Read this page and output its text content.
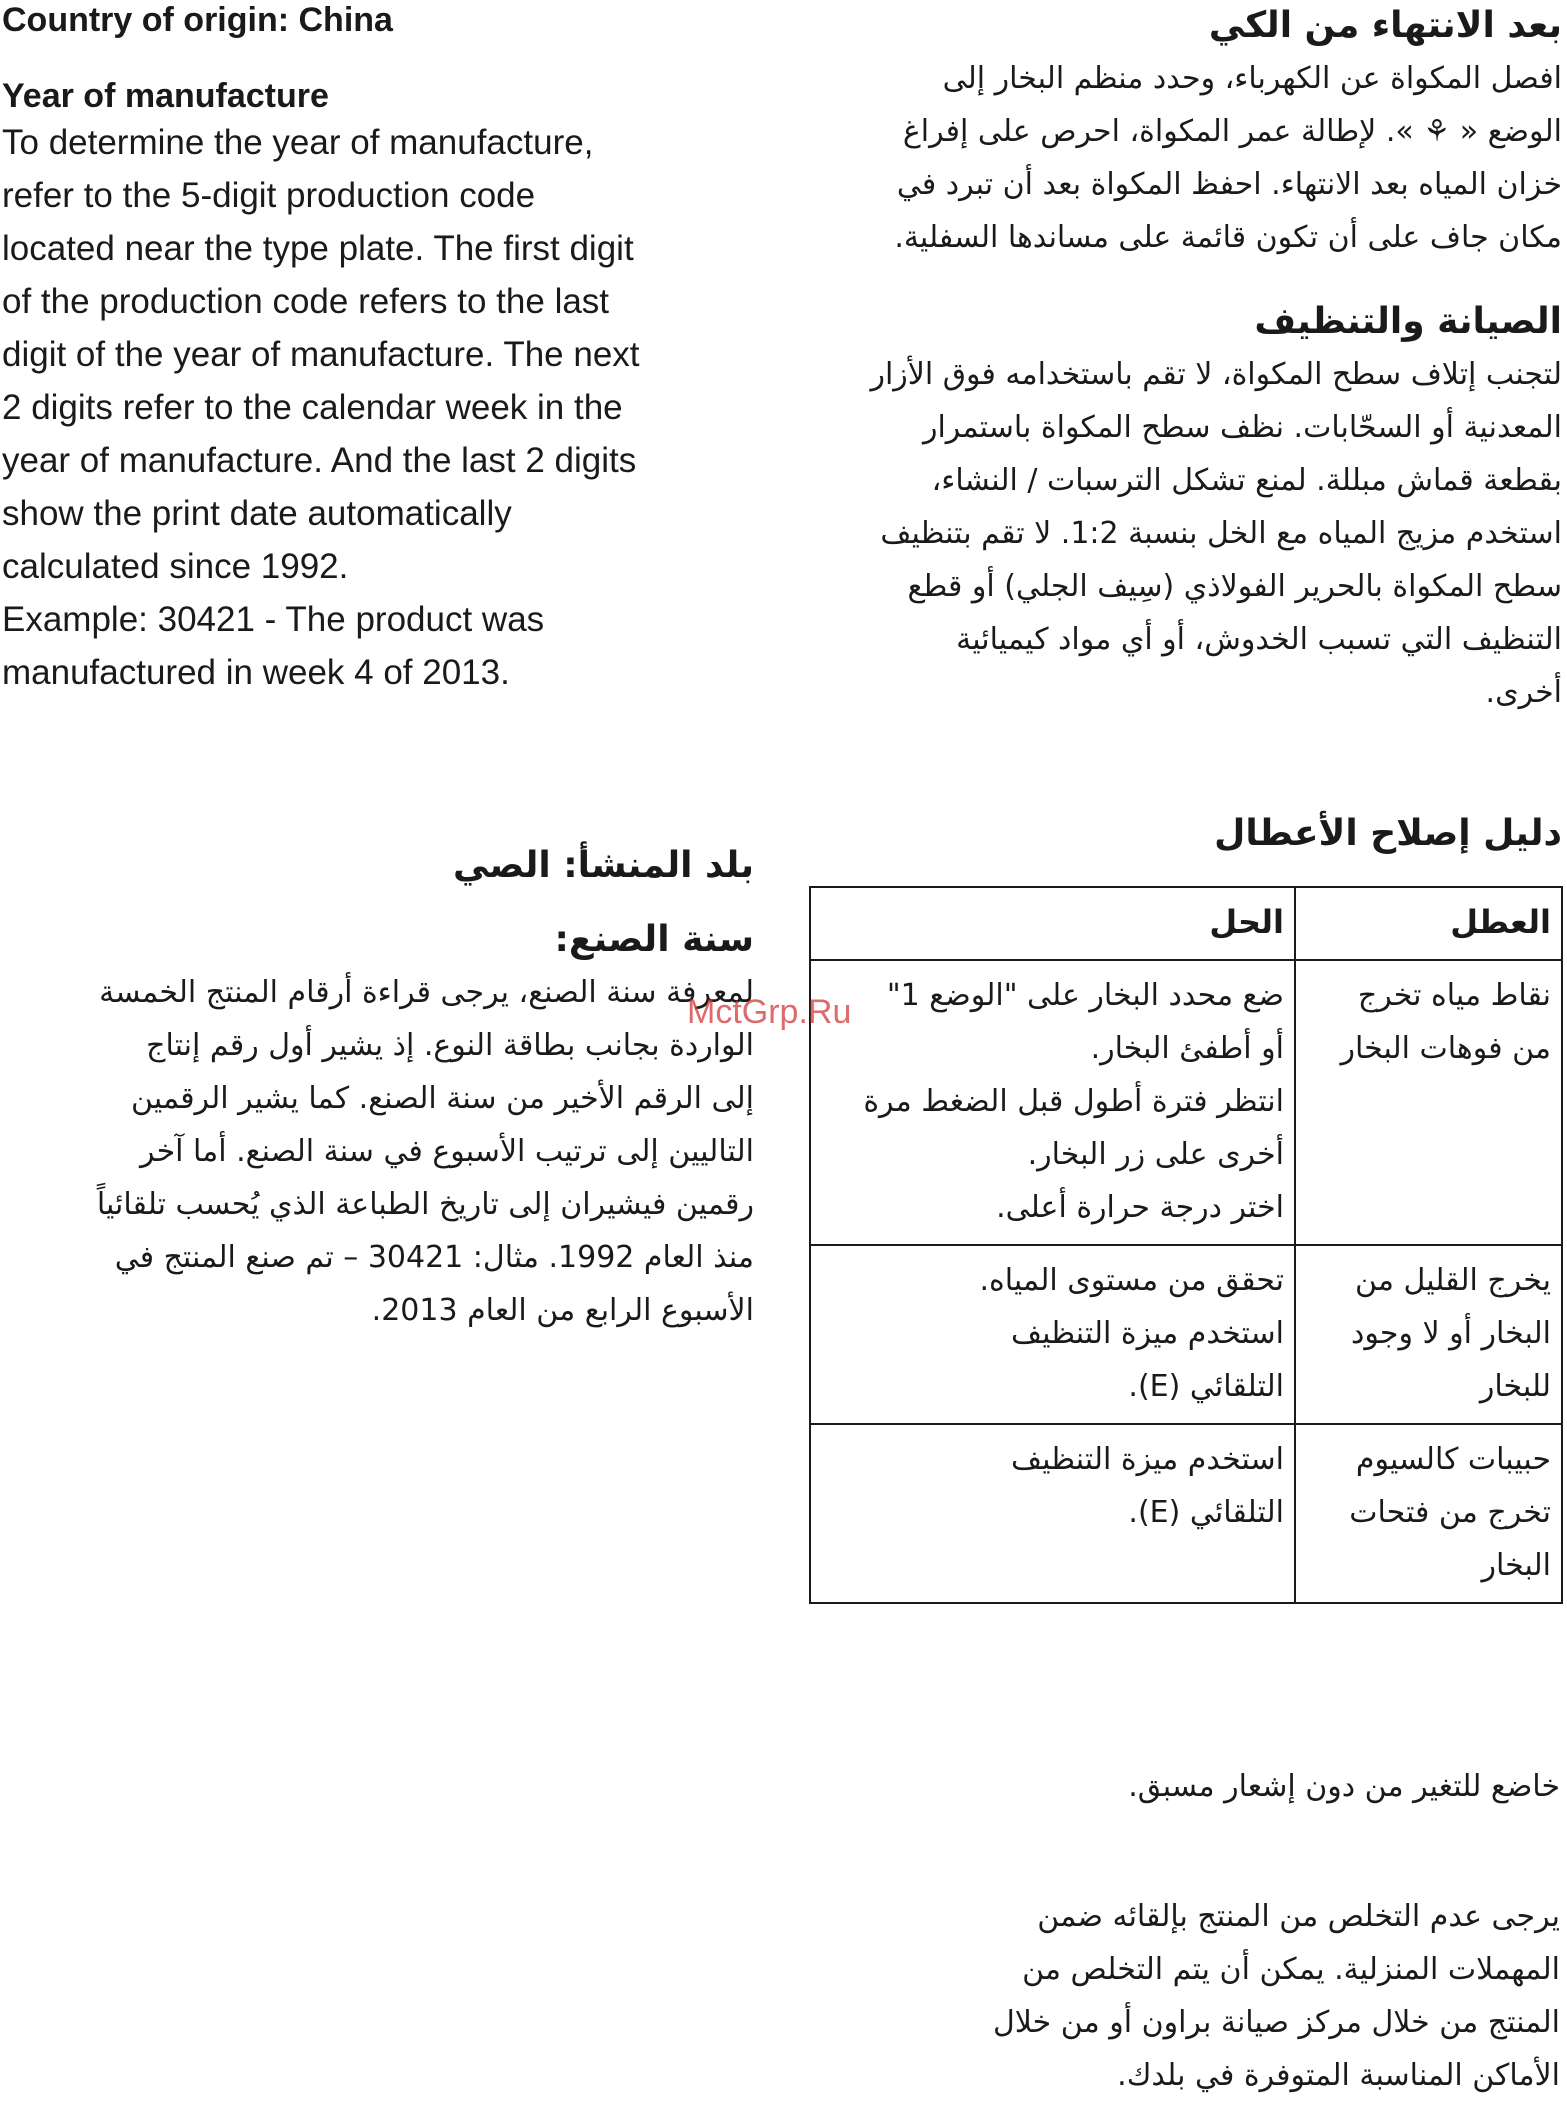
Country of origin: China
Year of manufacture

To determine the year of manufacture,

refer to the 5-digit production code

located near the type plate. The first digit

of the production code refers to the last

digit of the year of manufacture. The next

2 digits refer to the calendar week in the

year of manufacture. And the last 2 digits

show the print date automatically

calculated since 1992.

Example: 30421 - The product was

manufactured in week 4 of 2013.

بلد المنشأ: الصي
سنة الصنع:

لمعرفة سنة الصنع، يرجى قراءة أرقام المنتج الخمسة

الواردة بجانب بطاقة النوع. إذ يشير أول رقم إنتاج

إلى الرقم الأخير من سنة الصنع. كما يشير الرقمين

التاليين إلى ترتيب الأسبوع في سنة الصنع. أما آخر

رقمين فيشيران إلى تاريخ الطباعة الذي يُحسب تلقائياً

منذ العام 1992. مثال: 30421 – تم صنع المنتج في

الأسبوع الرابع من العام 2013.

بعد الانتهاء من الكي

افصل المكواة عن الكهرباء، وحدد منظم البخار إلى

الوضع « ⚘ ». لإطالة عمر المكواة، احرص على إفراغ

خزان المياه بعد الانتهاء. احفظ المكواة بعد أن تبرد في

مكان جاف على أن تكون قائمة على مساندها السفلية.

الصيانة والتنظيف

لتجنب إتلاف سطح المكواة، لا تقم باستخدامه فوق الأزار

المعدنية أو السحّابات. نظف سطح المكواة باستمرار

بقطعة قماش مبللة. لمنع تشكل الترسبات / النشاء،

استخدم مزيج المياه مع الخل بنسبة 1:2. لا تقم بتنظيف

سطح المكواة بالحرير الفولاذي (سِيف الجلي) أو قطع

التنظيف التي تسبب الخدوش، أو أي مواد كيميائية

أخرى.

دليل إصلاح الأعطال
العطل	الحل

نقاط مياه تخرج
من فوهات البخار	ضع محدد البخار على "الوضع 1"
أو أطفئ البخار.
انتظر فترة أطول قبل الضغط مرة
أخرى على زر البخار.
اختر درجة حرارة أعلى.

يخرج القليل من
البخار أو لا وجود
للبخار	تحقق من مستوى المياه.
استخدم ميزة التنظيف
التلقائي (E).

حبيبات كالسيوم
تخرج من فتحات
البخار	استخدم ميزة التنظيف
التلقائي (E).
MctGrp.Ru

خاضع للتغير من دون إشعار مسبق.

يرجى عدم التخلص من المنتج بإلقائه ضمن

المهملات المنزلية. يمكن أن يتم التخلص من

المنتج من خلال مركز صيانة براون أو من خلال

الأماكن المناسبة المتوفرة في بلدك.
